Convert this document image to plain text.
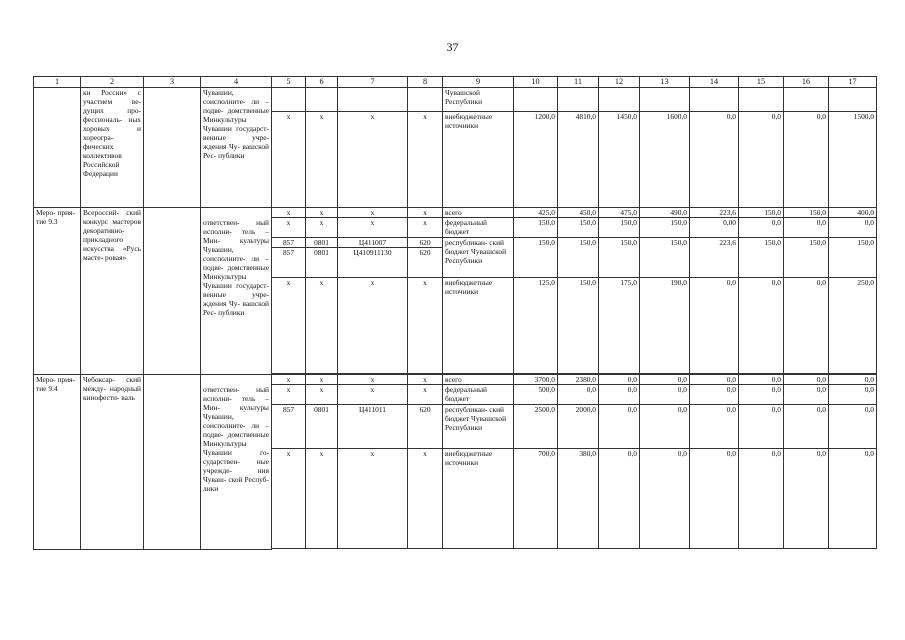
37
1	2	3	4	5	6	7	8	9	10	11	12	13	14	15	16	17
	ки России» с участием ве- дущих про- фессиональ- ных хоровых и хореогра- фических коллективов Российской Федерации		Чувашии, соисполните- ли – подве- домственные Минкультуры Чувашии государст- венные учре- ждения Чу- вашской Рес- публики					Чувашской Республики								
				x	x	x	x	внебюджетные источники	1200,0	4810,0	1450,0	1600,0	0,0	0,0	0,0	1500,0
Меро- прия- тие 9.3	Всероссий- ский конкурс мастеров декоративно- прикладного искусства «Русь масте- ровая»			x	x	x	x	всего	425,0	450,0	475,0	490,0	223,6	150,0	150,0	400,0
			ответствен- ный исполни- тель – Мин- культуры Чувашии, соисполните- ли – подве- домственные Минкультуры Чувашии государст- венные учре- ждения Чу- вашской Рес- публики	x	x	x	x	федеральный бюджет	150,0	150,0	150,0	150,0	0,00	0,0	0,0	0,0
				857	0801	Ц411007	620	республикан- ский бюджет Чувашской Республики	150,0	150,0	150,0	150,0	223,6	150,0	150,0	150,0
				857	0801	Ц410911130	620									
				x	x	x	x	внебюджетные источники	125,0	150,0	175,0	190,0	0,0	0,0	0,0	250,0

Меро- прия- тие 9.4	Чебоксар- ский между- народный кинофести- валь			x	x	x	x	всего	3700,0	2380,0	0,0	0,0	0,0	0,0	0,0	0,0
			ответствен- ный исполни- тель – Мин- культуры Чувашии, соисполните- ли – подве- домственные Минкультуры Чувашии го- сударствен- ные учрежде- ния Чуваш- ской Респуб- лики	x	x	x	x	федеральный бюджет	500,0	0,0	0,0	0,0	0,0	0,0	0,0	0,0
				857	0801	Ц411011	620	республикан- ский бюджет Чувашской Республики	2500,0	2000,0	0,0	0,0	0,0	0,0	0,0	0,0
				x	x	x	x	внебюджетные источники	700,0	380,0	0,0	0,0	0,0	0,0	0,0	0,0
